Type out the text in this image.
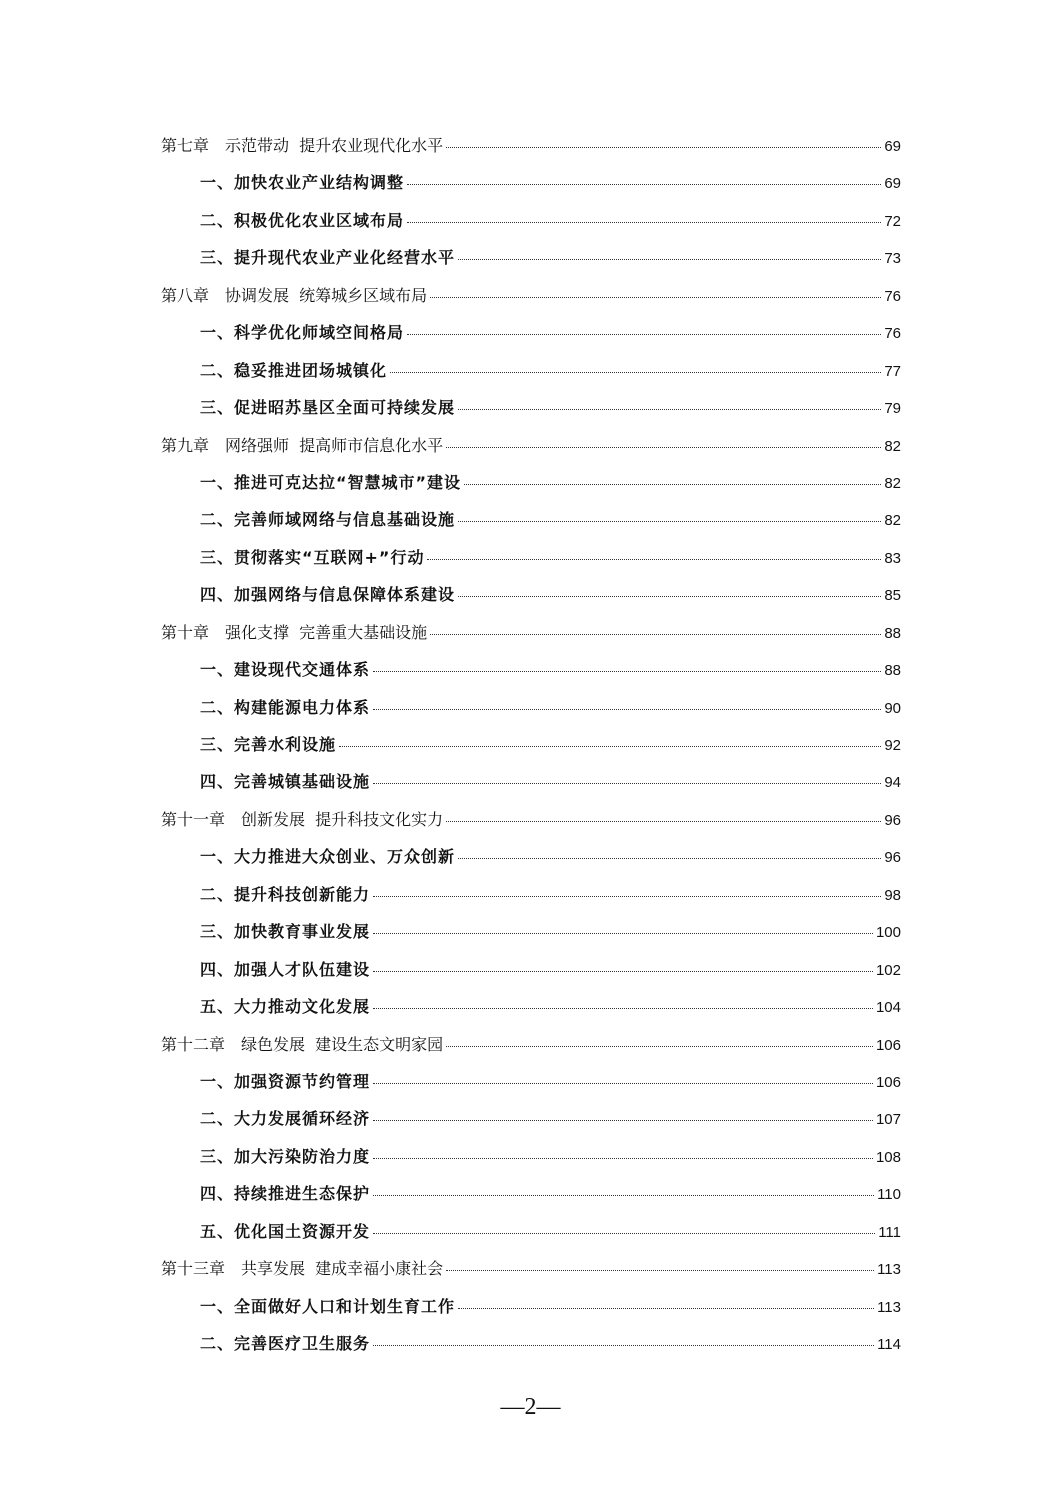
第七章　示范带动  提升农业现代化水平	69
一、加快农业产业结构调整	69
二、积极优化农业区域布局	72
三、提升现代农业产业化经营水平	73
第八章　协调发展  统筹城乡区域布局	76
一、科学优化师域空间格局	76
二、稳妥推进团场城镇化	77
三、促进昭苏垦区全面可持续发展	79
第九章　网络强师  提高师市信息化水平	82
一、推进可克达拉“智慧城市”建设	82
二、完善师域网络与信息基础设施	82
三、贯彻落实“互联网+”行动	83
四、加强网络与信息保障体系建设	85
第十章　强化支撑  完善重大基础设施	88
一、建设现代交通体系	88
二、构建能源电力体系	90
三、完善水利设施	92
四、完善城镇基础设施	94
第十一章　创新发展  提升科技文化实力	96
一、大力推进大众创业、万众创新	96
二、提升科技创新能力	98
三、加快教育事业发展	100
四、加强人才队伍建设	102
五、大力推动文化发展	104
第十二章　绿色发展  建设生态文明家园	106
一、加强资源节约管理	106
二、大力发展循环经济	107
三、加大污染防治力度	108
四、持续推进生态保护	110
五、优化国土资源开发	111
第十三章　共享发展  建成幸福小康社会	113
一、全面做好人口和计划生育工作	113
二、完善医疗卫生服务	114
—2—
